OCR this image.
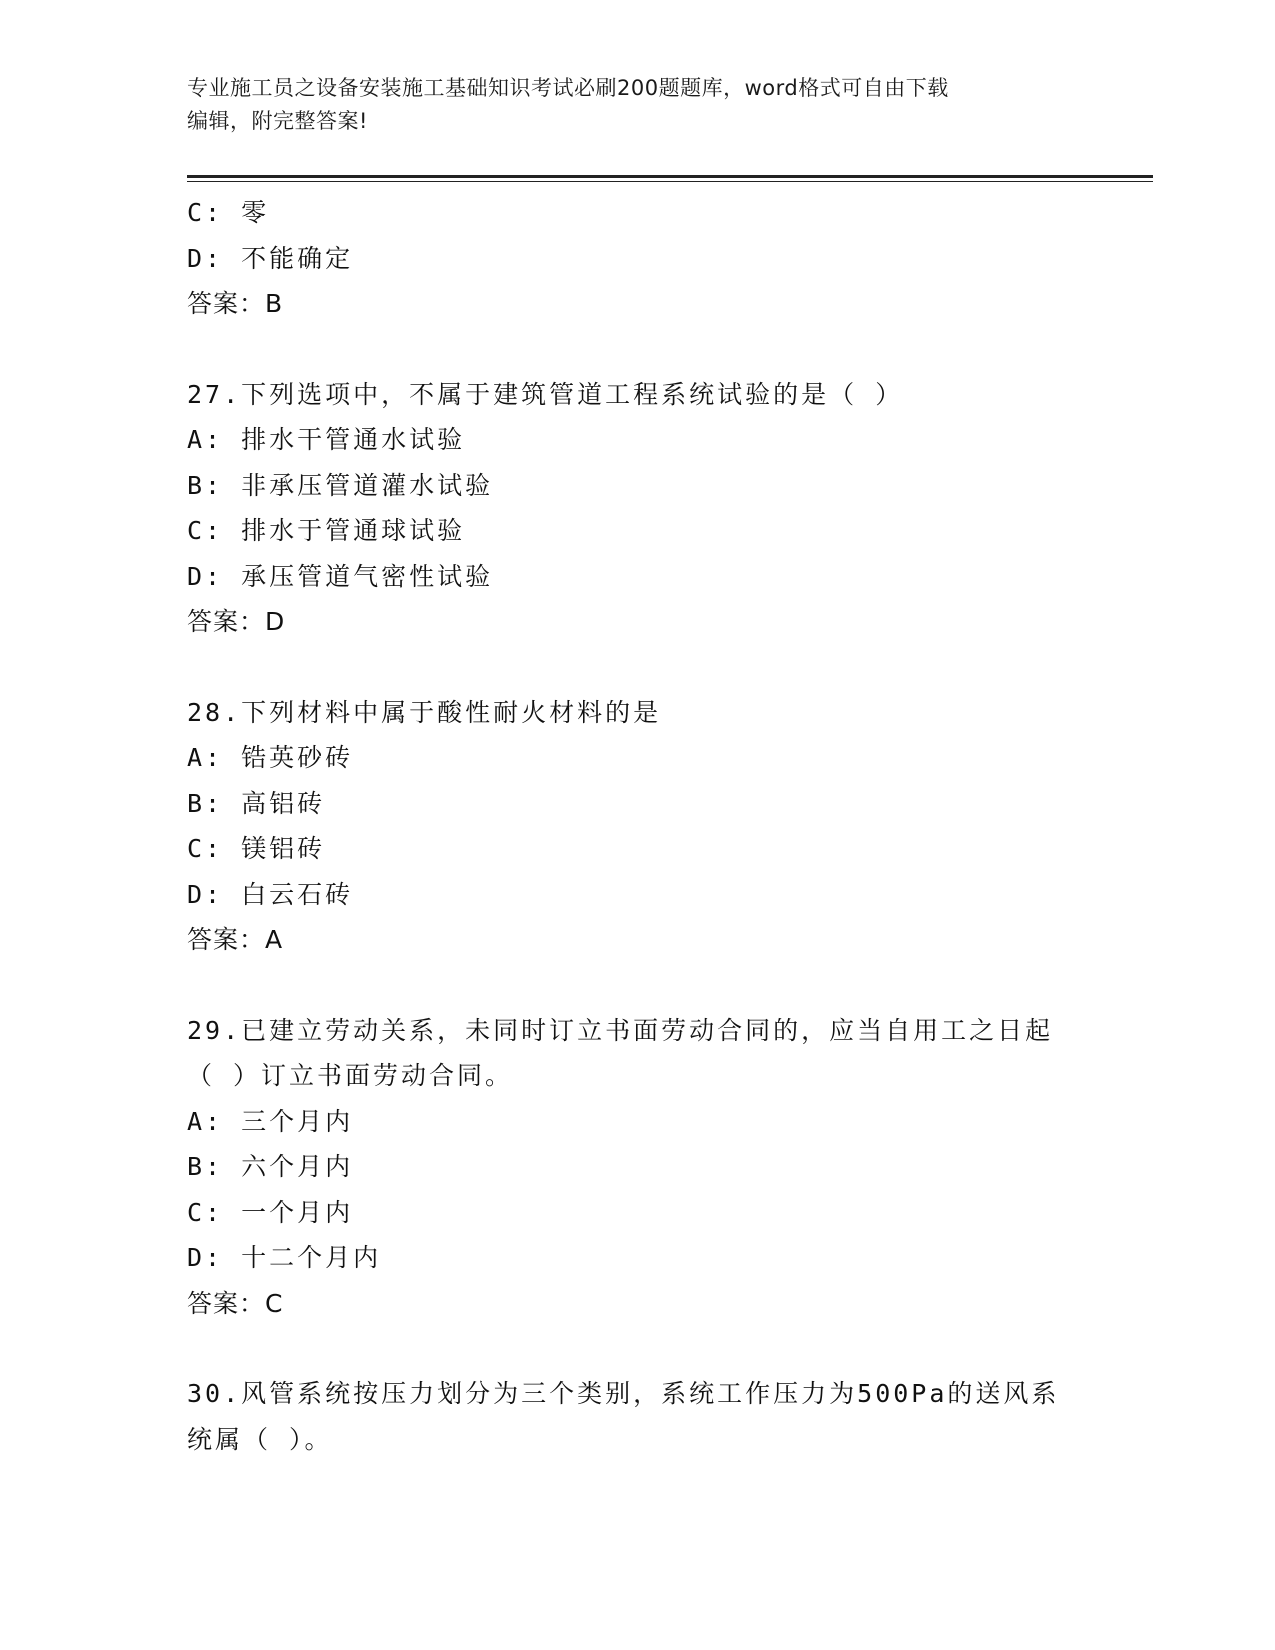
专业施工员之设备安装施工基础知识考试必刷200题题库，word格式可自由下载
编辑，附完整答案!
C: 零
D: 不能确定
答案：B
27.下列选项中，不属于建筑管道工程系统试验的是（ ）
A: 排水干管通水试验
B: 非承压管道灌水试验
C: 排水于管通球试验
D: 承压管道气密性试验
答案：D
28.下列材料中属于酸性耐火材料的是
A: 锆英砂砖
B: 高铝砖
C: 镁铝砖
D: 白云石砖
答案：A
29.已建立劳动关系，未同时订立书面劳动合同的，应当自用工之日起
（ ）订立书面劳动合同。
A: 三个月内
B: 六个月内
C: 一个月内
D: 十二个月内
答案：C
30.风管系统按压力划分为三个类别，系统工作压力为500Pa的送风系
统属（ ）。
